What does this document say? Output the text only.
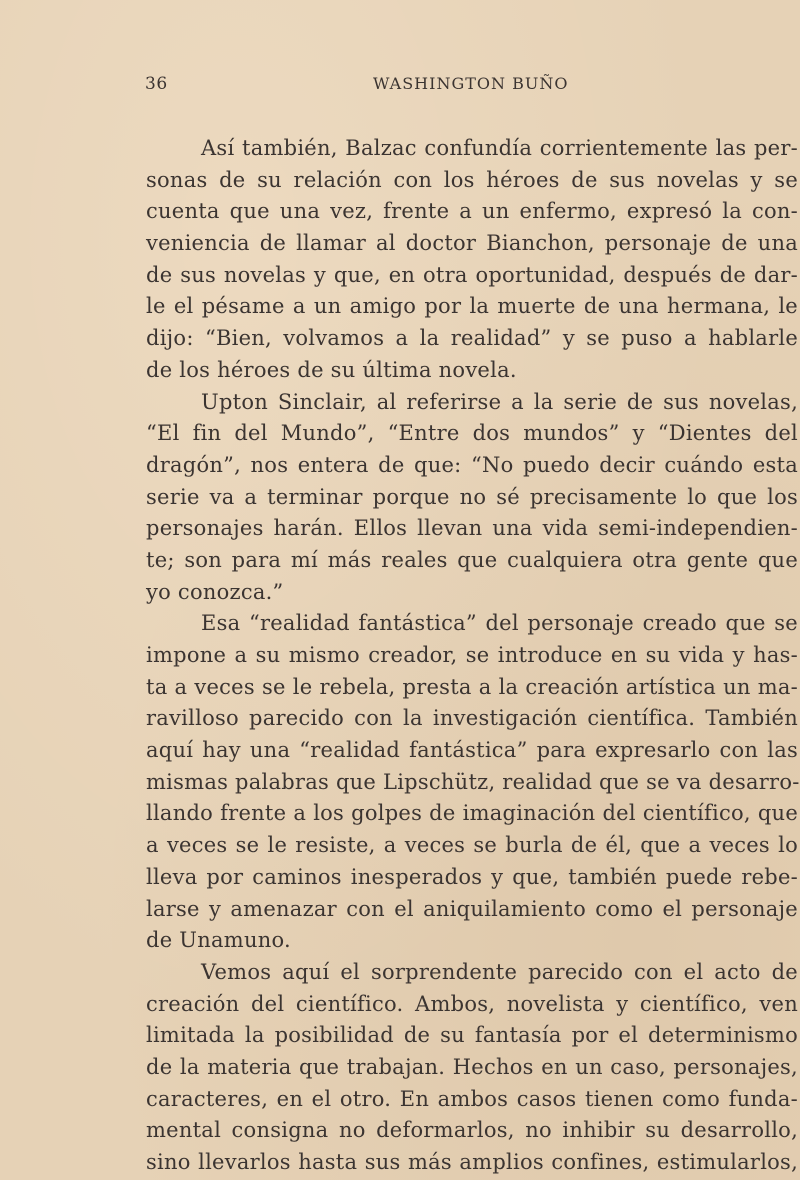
36	WASHINGTON BUÑO
Así también, Balzac confundía corrientemente las per-
sonas de su relación con los héroes de sus novelas y se
cuenta que una vez, frente a un enfermo, expresó la con-
veniencia de llamar al doctor Bianchon, personaje de una
de sus novelas y que, en otra oportunidad, después de dar-
le el pésame a un amigo por la muerte de una hermana, le
dijo: “Bien, volvamos a la realidad” y se puso a hablarle
de los héroes de su última novela.
Upton Sinclair, al referirse a la serie de sus novelas,
“El fin del Mundo”, “Entre dos mundos” y “Dientes del
dragón”, nos entera de que: “No puedo decir cuándo esta
serie va a terminar porque no sé precisamente lo que los
personajes harán. Ellos llevan una vida semi-independien-
te; son para mí más reales que cualquiera otra gente que
yo conozca.”
Esa “realidad fantástica” del personaje creado que se
impone a su mismo creador, se introduce en su vida y has-
ta a veces se le rebela, presta a la creación artística un ma-
ravilloso parecido con la investigación científica. También
aquí hay una “realidad fantástica” para expresarlo con las
mismas palabras que Lipschütz, realidad que se va desarro-
llando frente a los golpes de imaginación del científico, que
a veces se le resiste, a veces se burla de él, que a veces lo
lleva por caminos inesperados y que, también puede rebe-
larse y amenazar con el aniquilamiento como el personaje
de Unamuno.
Vemos aquí el sorprendente parecido con el acto de
creación del científico. Ambos, novelista y científico, ven
limitada la posibilidad de su fantasía por el determinismo
de la materia que trabajan. Hechos en un caso, personajes,
caracteres, en el otro. En ambos casos tienen como funda-
mental consigna no deformarlos, no inhibir su desarrollo,
sino llevarlos hasta sus más amplios confines, estimularlos,
